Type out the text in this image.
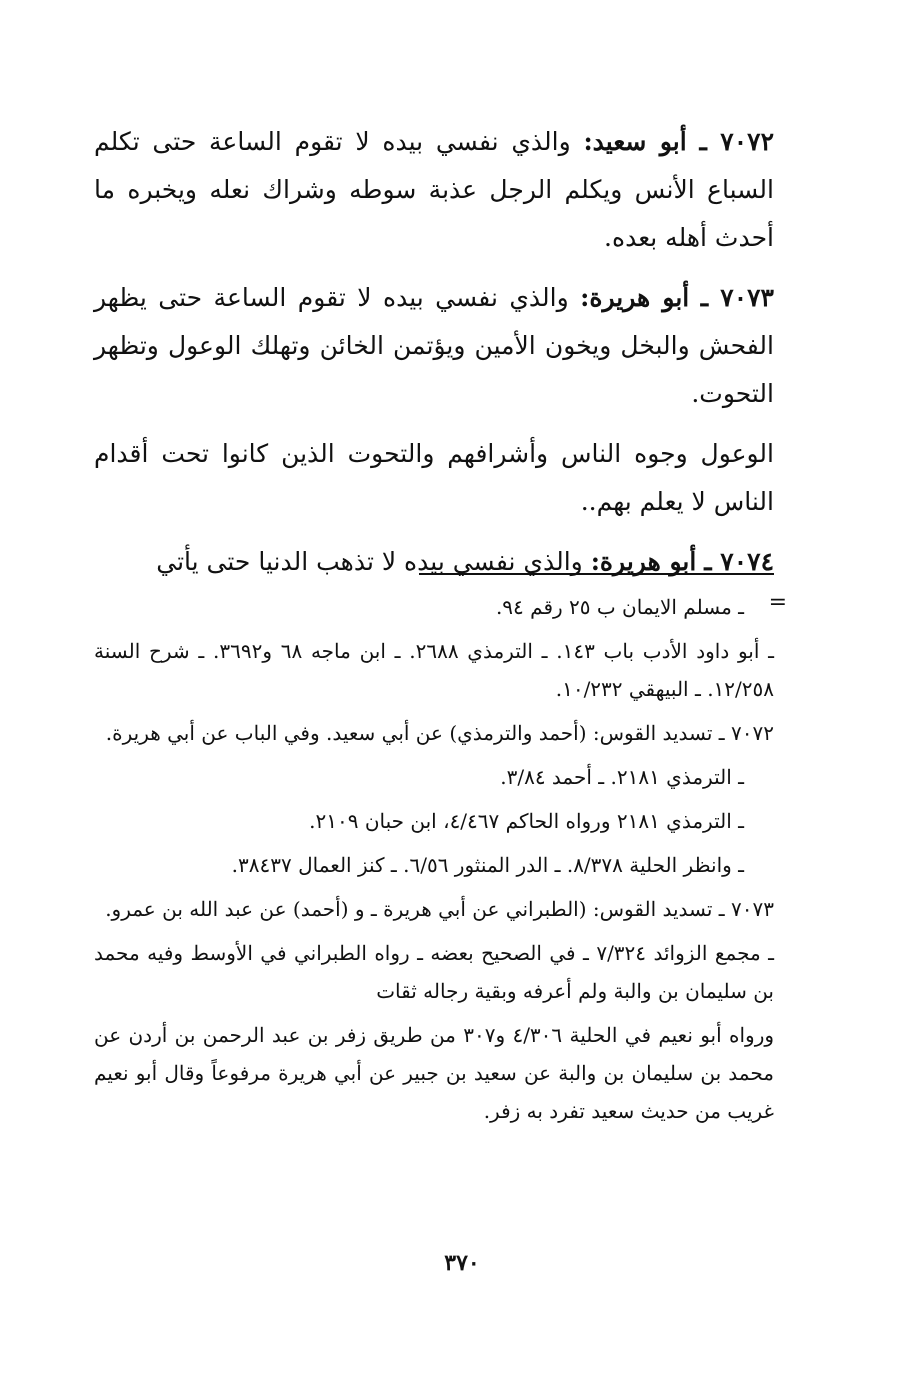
٧٠٧٢ ـ أبو سعيد: والذي نفسي بيده لا تقوم الساعة حتى تكلم السباع الأنس ويكلم الرجل عذبة سوطه وشراك نعله ويخبره ما أحدث أهله بعده.

٧٠٧٣ ـ أبو هريرة: والذي نفسي بيده لا تقوم الساعة حتى يظهر الفحش والبخل ويخون الأمين ويؤتمن الخائن وتهلك الوعول وتظهر التحوت.

الوعول وجوه الناس وأشرافهم والتحوت الذين كانوا تحت أقدام الناس لا يعلم بهم..

٧٠٧٤ ـ أبو هريرة: والذي نفسي بيده لا تذهب الدنيا حتى يأتي

=

ـ مسلم الايمان ب ٢٥ رقم ٩٤.

ـ أبو داود الأدب باب ١٤٣. ـ الترمذي ٢٦٨٨. ـ ابن ماجه ٦٨ و٣٦٩٢. ـ شرح السنة ١٢/٢٥٨. ـ البيهقي ١٠/٢٣٢.

٧٠٧٢ ـ تسديد القوس: (أحمد والترمذي) عن أبي سعيد. وفي الباب عن أبي هريرة.

ـ الترمذي ٢١٨١. ـ أحمد ٣/٨٤.

ـ الترمذي ٢١٨١ ورواه الحاكم ٤/٤٦٧، ابن حبان ٢١٠٩.

ـ وانظر الحلية ٨/٣٧٨. ـ الدر المنثور ٦/٥٦. ـ كنز العمال ٣٨٤٣٧.

٧٠٧٣ ـ تسديد القوس: (الطبراني عن أبي هريرة ـ و (أحمد) عن عبد الله بن عمرو.

ـ مجمع الزوائد ٧/٣٢٤ ـ في الصحيح بعضه ـ رواه الطبراني في الأوسط وفيه محمد بن سليمان بن والبة ولم أعرفه وبقية رجاله ثقات

ورواه أبو نعيم في الحلية ٤/٣٠٦ و٣٠٧ من طريق زفر بن عبد الرحمن بن أردن عن محمد بن سليمان بن والبة عن سعيد بن جبير عن أبي هريرة مرفوعاً وقال أبو نعيم غريب من حديث سعيد تفرد به زفر.

٣٧٠
